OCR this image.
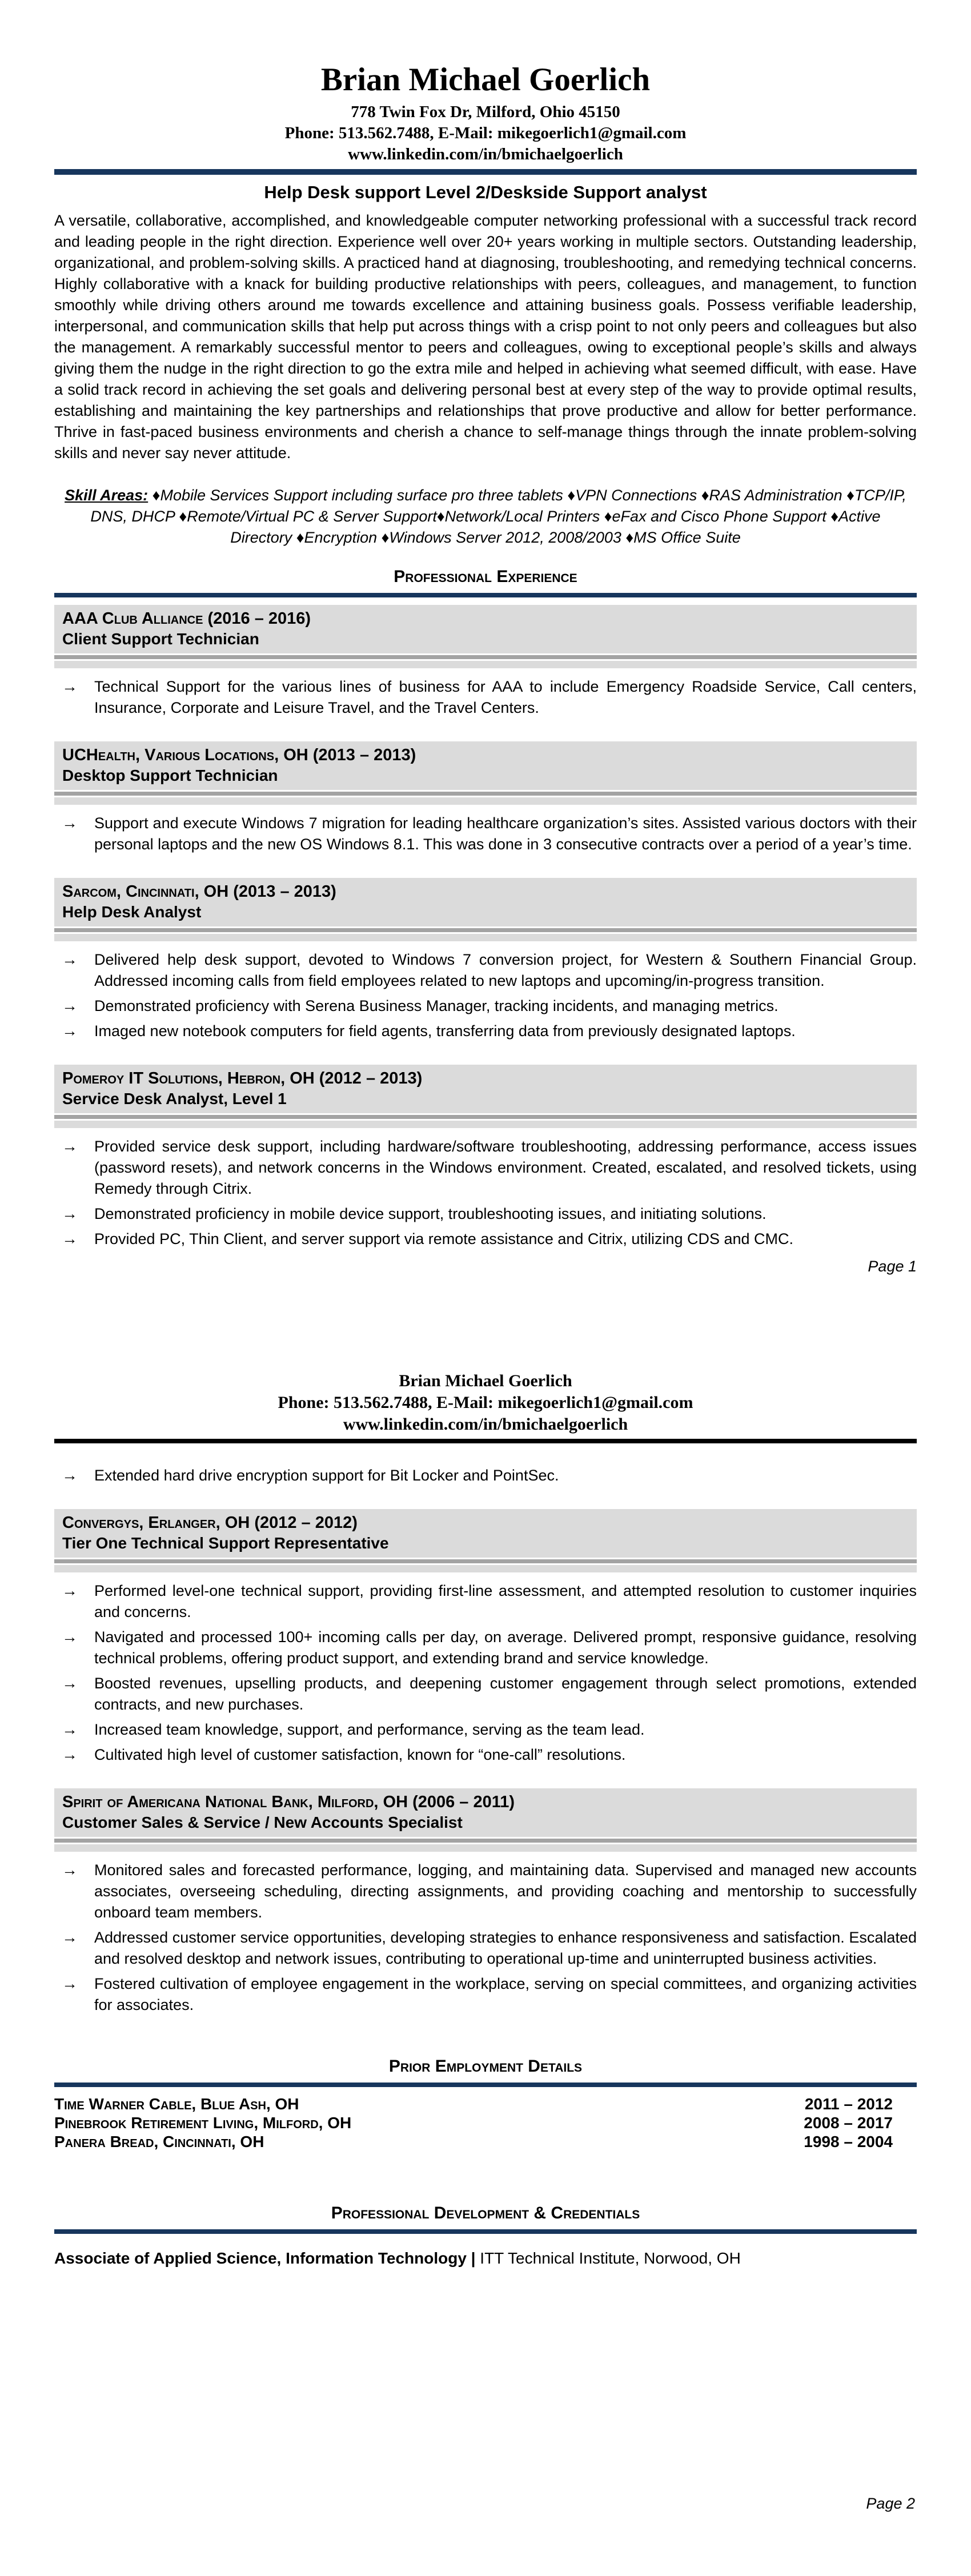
Brian Michael Goerlich
778 Twin Fox Dr, Milford, Ohio 45150
Phone: 513.562.7488, E-Mail: mikegoerlich1@gmail.com
www.linkedin.com/in/bmichaelgoerlich
Help Desk support Level 2/Deskside Support analyst

A versatile, collaborative, accomplished, and knowledgeable computer networking professional with a successful track record and leading people in the right direction. Experience well over 20+ years working in multiple sectors. Outstanding leadership, organizational, and problem-solving skills. A practiced hand at diagnosing, troubleshooting, and remedying technical concerns. Highly collaborative with a knack for building productive relationships with peers, colleagues, and management, to function smoothly while driving others around me towards excellence and attaining business goals. Possess verifiable leadership, interpersonal, and communication skills that help put across things with a crisp point to not only peers and colleagues but also the management. A remarkably successful mentor to peers and colleagues, owing to exceptional people’s skills and always giving them the nudge in the right direction to go the extra mile and helped in achieving what seemed difficult, with ease. Have a solid track record in achieving the set goals and delivering personal best at every step of the way to provide optimal results, establishing and maintaining the key partnerships and relationships that prove productive and allow for better performance. Thrive in fast-paced business environments and cherish a chance to self-manage things through the innate problem-solving skills and never say never attitude.

Skill Areas: ♦Mobile Services Support including surface pro three tablets ♦VPN Connections ♦RAS Administration ♦TCP/IP, DNS, DHCP ♦Remote/Virtual PC & Server Support♦Network/Local Printers ♦eFax and Cisco Phone Support ♦Active Directory ♦Encryption ♦Windows Server 2012, 2008/2003 ♦MS Office Suite

Professional Experience
AAA Club Alliance (2016 – 2016)
Client Support Technician
→ Technical Support for the various lines of business for AAA to include Emergency Roadside Service, Call centers, Insurance, Corporate and Leisure Travel, and the Travel Centers.
UCHealth, Various Locations, OH (2013 – 2013)
Desktop Support Technician
→ Support and execute Windows 7 migration for leading healthcare organization’s sites. Assisted various doctors with their personal laptops and the new OS Windows 8.1. This was done in 3 consecutive contracts over a period of a year’s time.
Sarcom, Cincinnati, OH (2013 – 2013)
Help Desk Analyst
→ Delivered help desk support, devoted to Windows 7 conversion project, for Western & Southern Financial Group. Addressed incoming calls from field employees related to new laptops and upcoming/in-progress transition.
→ Demonstrated proficiency with Serena Business Manager, tracking incidents, and managing metrics.
→ Imaged new notebook computers for field agents, transferring data from previously designated laptops.
Pomeroy IT Solutions, Hebron, OH (2012 – 2013)
Service Desk Analyst, Level 1
→ Provided service desk support, including hardware/software troubleshooting, addressing performance, access issues (password resets), and network concerns in the Windows environment. Created, escalated, and resolved tickets, using Remedy through Citrix.
→ Demonstrated proficiency in mobile device support, troubleshooting issues, and initiating solutions.
→ Provided PC, Thin Client, and server support via remote assistance and Citrix, utilizing CDS and CMC.
Page 1
Brian Michael Goerlich
Phone: 513.562.7488, E-Mail: mikegoerlich1@gmail.com
www.linkedin.com/in/bmichaelgoerlich
→ Extended hard drive encryption support for Bit Locker and PointSec.
Convergys, Erlanger, OH (2012 – 2012)
Tier One Technical Support Representative
→ Performed level-one technical support, providing first-line assessment, and attempted resolution to customer inquiries and concerns.
→ Navigated and processed 100+ incoming calls per day, on average. Delivered prompt, responsive guidance, resolving technical problems, offering product support, and extending brand and service knowledge.
→ Boosted revenues, upselling products, and deepening customer engagement through select promotions, extended contracts, and new purchases.
→ Increased team knowledge, support, and performance, serving as the team lead.
→ Cultivated high level of customer satisfaction, known for “one-call” resolutions.
Spirit of Americana National Bank, Milford, OH (2006 – 2011)
Customer Sales & Service / New Accounts Specialist
→ Monitored sales and forecasted performance, logging, and maintaining data. Supervised and managed new accounts associates, overseeing scheduling, directing assignments, and providing coaching and mentorship to successfully onboard team members.
→ Addressed customer service opportunities, developing strategies to enhance responsiveness and satisfaction. Escalated and resolved desktop and network issues, contributing to operational up-time and uninterrupted business activities.
→ Fostered cultivation of employee engagement in the workplace, serving on special committees, and organizing activities for associates.
Prior Employment Details
Time Warner Cable, Blue Ash, OH	2011 – 2012
Pinebrook Retirement Living, Milford, OH	2008 – 2017
Panera Bread, Cincinnati, OH	1998 – 2004
Professional Development & Credentials

Associate of Applied Science, Information Technology | ITT Technical Institute, Norwood, OH

Page 2
